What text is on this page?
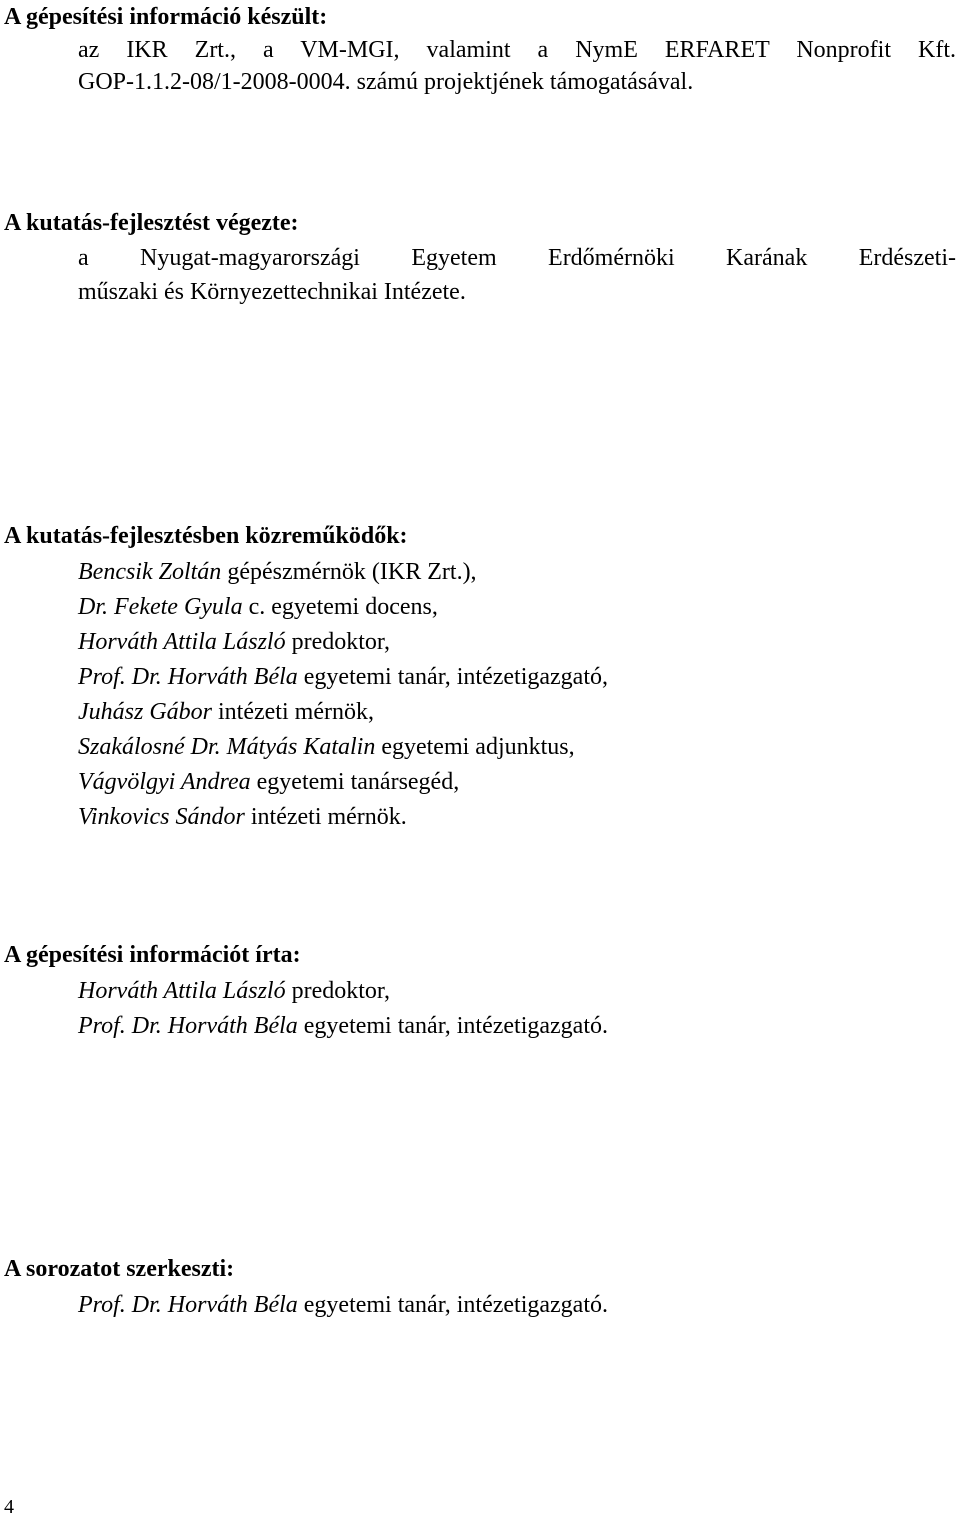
A gépesítési információ készült:
az IKR Zrt., a VM-MGI, valamint a NymE ERFARET Nonprofit Kft.
GOP-1.1.2-08/1-2008-0004. számú projektjének támogatásával.
A kutatás-fejlesztést végezte:
a Nyugat-magyarországi Egyetem Erdőmérnöki Karának Erdészeti-
műszaki és Környezettechnikai Intézete.
A kutatás-fejlesztésben közreműködők:
Bencsik Zoltán gépészmérnök (IKR Zrt.),
Dr. Fekete Gyula c. egyetemi docens,
Horváth Attila László predoktor,
Prof. Dr. Horváth Béla egyetemi tanár, intézetigazgató,
Juhász Gábor intézeti mérnök,
Szakálosné Dr. Mátyás Katalin egyetemi adjunktus,
Vágvölgyi Andrea egyetemi tanársegéd,
Vinkovics Sándor intézeti mérnök.
A gépesítési információt írta:
Horváth Attila László predoktor,
Prof. Dr. Horváth Béla egyetemi tanár, intézetigazgató.
A sorozatot szerkeszti:
Prof. Dr. Horváth Béla egyetemi tanár, intézetigazgató.
4
